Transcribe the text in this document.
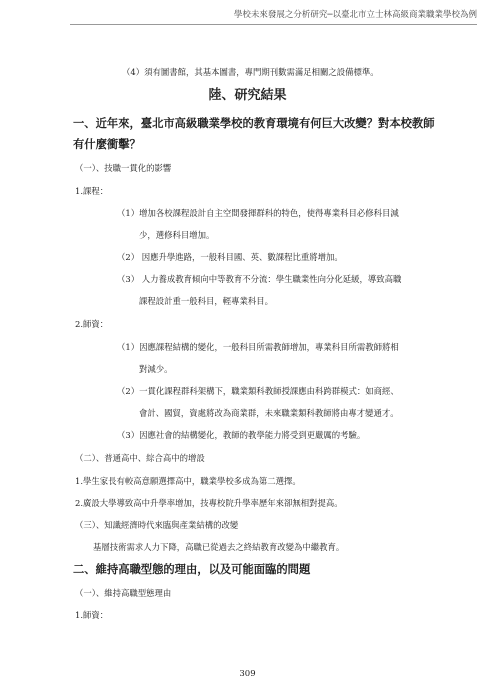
學校未來發展之分析研究─以臺北市立士林高級商業職業學校為例
（4）須有圖書館，其基本圖書，專門期刊數需滿足相關之設備標準。
陸、研究結果
一、近年來，臺北市高級職業學校的教育環境有何巨大改變？對本校教師
有什麼衝擊？
（一）、技職一貫化的影響
1.課程：
（1）增加各校課程設計自主空間發揮群科的特色，使得專業科目必修科目減
少，選修科目增加。
（2） 因應升學進路，一般科目國、英、數課程比重將增加。
（3） 人力養成教育傾向中等教育不分流：學生職業性向分化延緩，導致高職
課程設計重一般科目，輕專業科目。
2.師資：
（1）因應課程結構的變化，一般科目所需教師增加，專業科目所需教師將相
對減少。
（2）一貫化課程群科架構下，職業類科教師授課應由科跨群模式：如商經、
會計、國貿，資處將改為商業群，未來職業類科教師將由專才變通才。
（3）因應社會的結構變化，教師的教學能力將受到更嚴厲的考驗。
（二）、普通高中、綜合高中的增設
1.學生家長有較高意願選擇高中，職業學校多成為第二選擇。
2.廣設大學導致高中升學率增加，技專校院升學率歷年來卻無相對提高。
（三）、知識經濟時代來臨與產業結構的改變
基層技術需求人力下降，高職已從過去之終結教育改變為中繼教育。
二、維持高職型態的理由，以及可能面臨的問題
（一）、維持高職型態理由
1.師資：
309
